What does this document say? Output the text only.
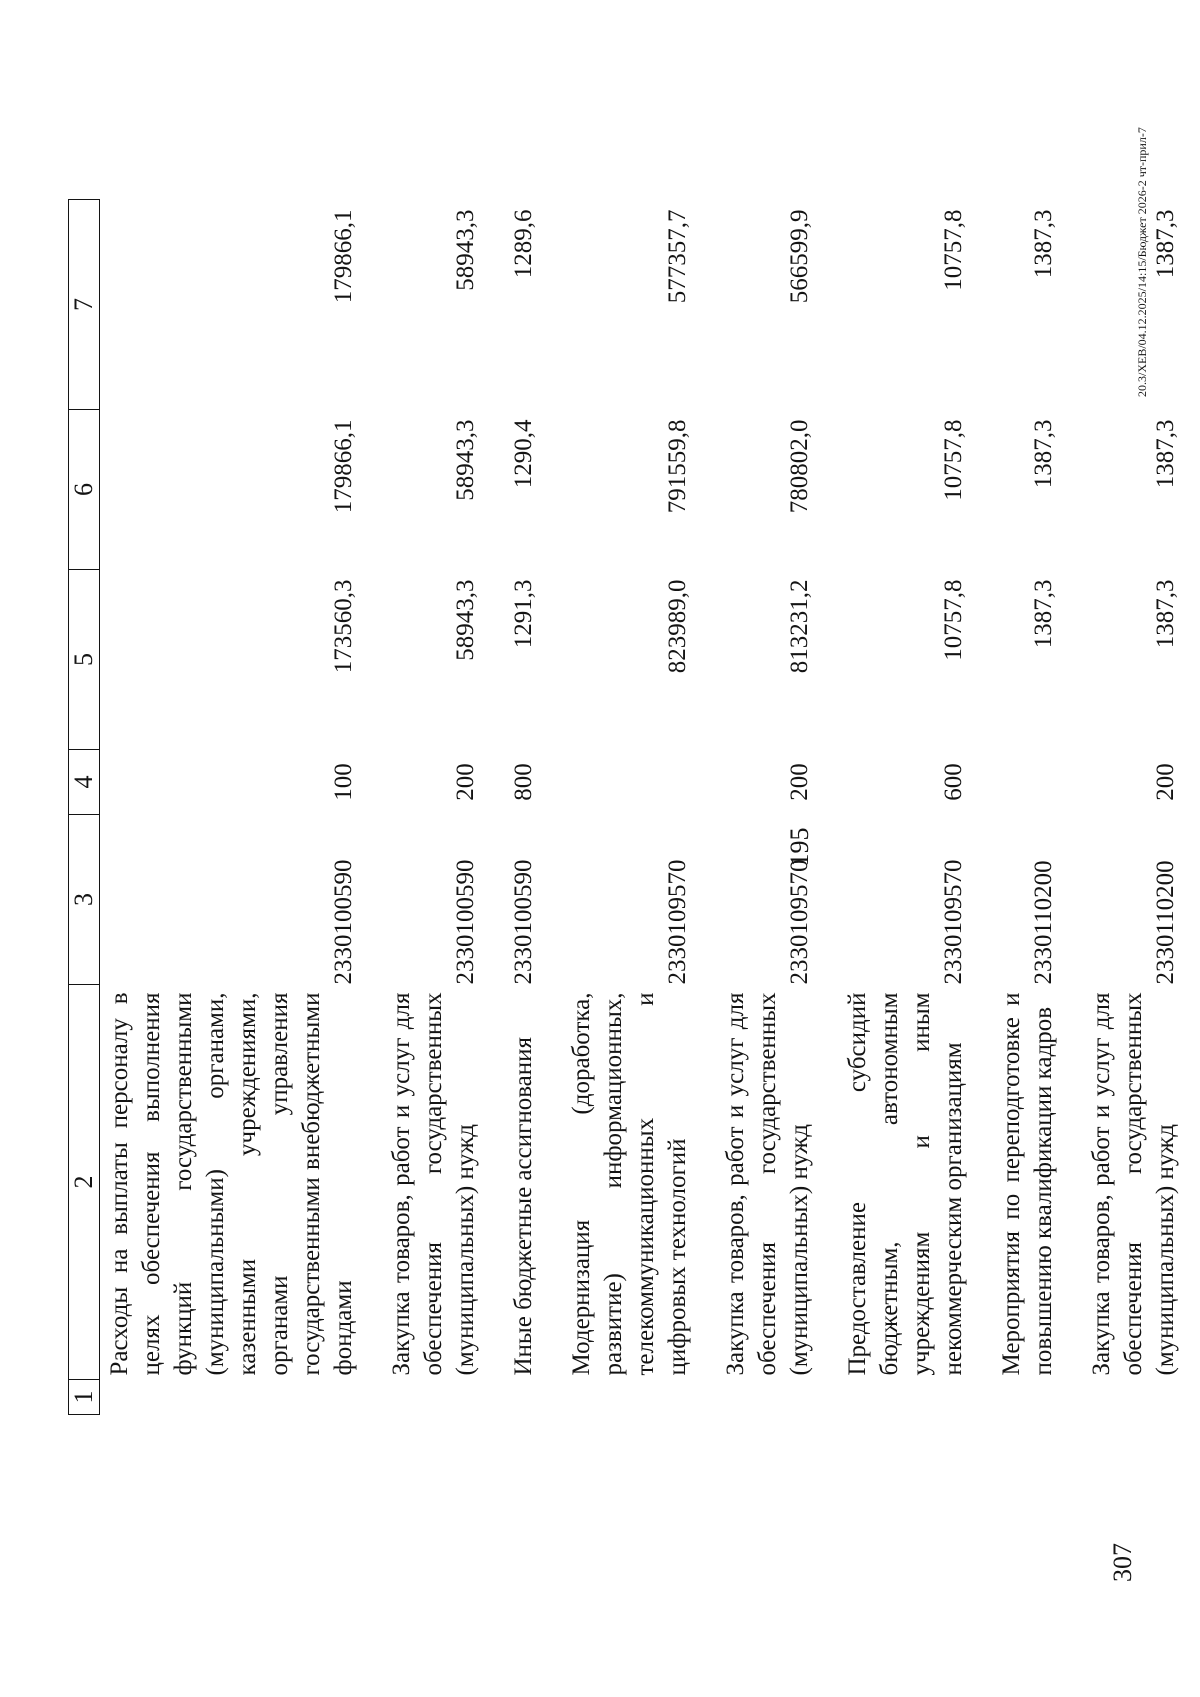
195
1	2	3	4	5	6	7
	Расходы на выплаты персоналу в целях обеспечения выполнения функций государственными (муниципальными) органами, казенными учреждениями, органами управления государственными внебюджетными фондами	2330100590	100	173560,3	179866,1	179866,1
	Закупка товаров, работ и услуг для обеспечения государственных (муниципальных) нужд	2330100590	200	58943,3	58943,3	58943,3
	Иные бюджетные ассигнования	2330100590	800	1291,3	1290,4	1289,6
	Модернизация (доработка, развитие) информационных, телекоммуникационных и цифровых технологий	2330109570		823989,0	791559,8	577357,7
	Закупка товаров, работ и услуг для обеспечения государственных (муниципальных) нужд	2330109570	200	813231,2	780802,0	566599,9
	Предоставление субсидий бюджетным, автономным учреждениям и иным некоммерческим организациям	2330109570	600	10757,8	10757,8	10757,8
	Мероприятия по переподготовке и повышению квалификации кадров	2330110200		1387,3	1387,3	1387,3
	Закупка товаров, работ и услуг для обеспечения государственных (муниципальных) нужд	2330110200	200	1387,3	1387,3	1387,3
307
20.3/ХЕВ/04.12.2025/14:15/Бюджет 2026-2 чт-прил-7
